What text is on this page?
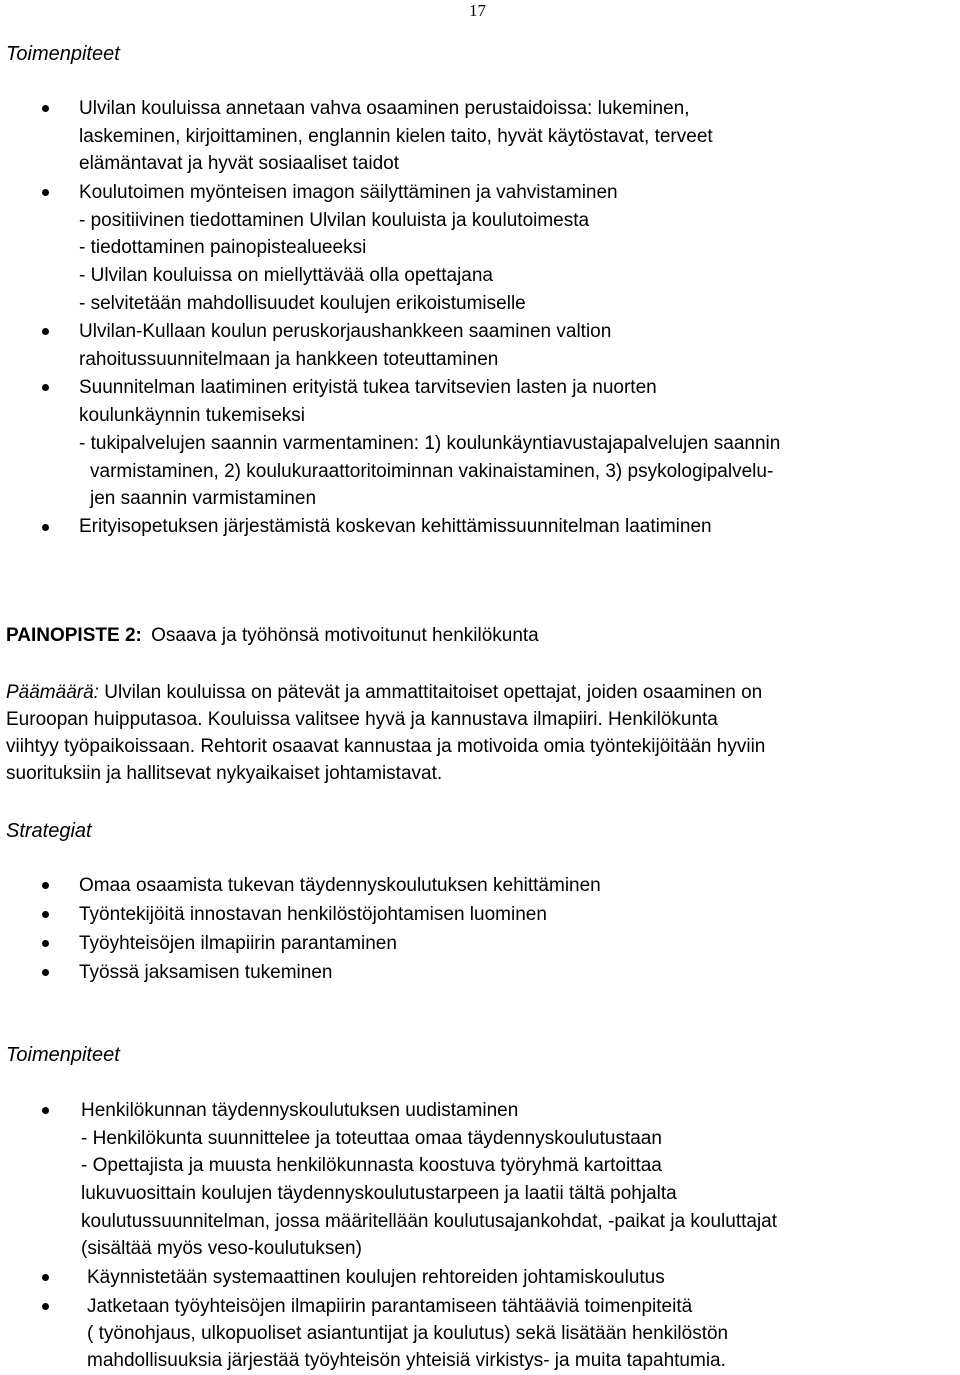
17
Toimenpiteet
Ulvilan kouluissa annetaan vahva osaaminen perustaidoissa: lukeminen,
laskeminen, kirjoittaminen, englannin kielen taito, hyvät käytöstavat, terveet
elämäntavat ja hyvät sosiaaliset taidot
Koulutoimen myönteisen imagon säilyttäminen ja vahvistaminen
- positiivinen tiedottaminen Ulvilan kouluista ja koulutoimesta
- tiedottaminen painopistealueeksi
- Ulvilan kouluissa on miellyttävää olla opettajana
- selvitetään mahdollisuudet koulujen erikoistumiselle
Ulvilan-Kullaan koulun peruskorjaushankkeen saaminen valtion
rahoitussuunnitelmaan ja hankkeen toteuttaminen
Suunnitelman laatiminen erityistä tukea tarvitsevien lasten ja nuorten
koulunkäynnin tukemiseksi
- tukipalvelujen saannin varmentaminen: 1) koulunkäyntiavustajapalvelujen saannin
varmistaminen, 2) koulukuraattoritoiminnan vakinaistaminen, 3) psykologipalvelu-
jen saannin varmistaminen
Erityisopetuksen järjestämistä koskevan kehittämissuunnitelman laatiminen
PAINOPISTE 2: Osaava ja työhönsä motivoitunut henkilökunta
Päämäärä: Ulvilan kouluissa on pätevät ja ammattitaitoiset opettajat, joiden osaaminen on
Euroopan huipputasoa. Kouluissa valitsee hyvä ja kannustava ilmapiiri. Henkilökunta
viihtyy työpaikoissaan. Rehtorit osaavat kannustaa ja motivoida omia työntekijöitään hyviin
suorituksiin ja hallitsevat nykyaikaiset johtamistavat.
Strategiat
Omaa osaamista tukevan täydennyskoulutuksen kehittäminen
Työntekijöitä innostavan henkilöstöjohtamisen luominen
Työyhteisöjen ilmapiirin parantaminen
Työssä jaksamisen tukeminen
Toimenpiteet
Henkilökunnan täydennyskoulutuksen uudistaminen
- Henkilökunta suunnittelee ja toteuttaa omaa täydennyskoulutustaan
- Opettajista ja muusta henkilökunnasta koostuva työryhmä kartoittaa
lukuvuosittain koulujen täydennyskoulutustarpeen ja laatii tältä pohjalta
koulutussuunnitelman, jossa määritellään koulutusajankohdat, -paikat ja kouluttajat
(sisältää myös veso-koulutuksen)
Käynnistetään systemaattinen koulujen rehtoreiden johtamiskoulutus
Jatketaan työyhteisöjen ilmapiirin parantamiseen tähtääviä toimenpiteitä
( työnohjaus, ulkopuoliset asiantuntijat ja koulutus) sekä lisätään henkilöstön
mahdollisuuksia järjestää työyhteisön yhteisiä virkistys- ja muita tapahtumia.
